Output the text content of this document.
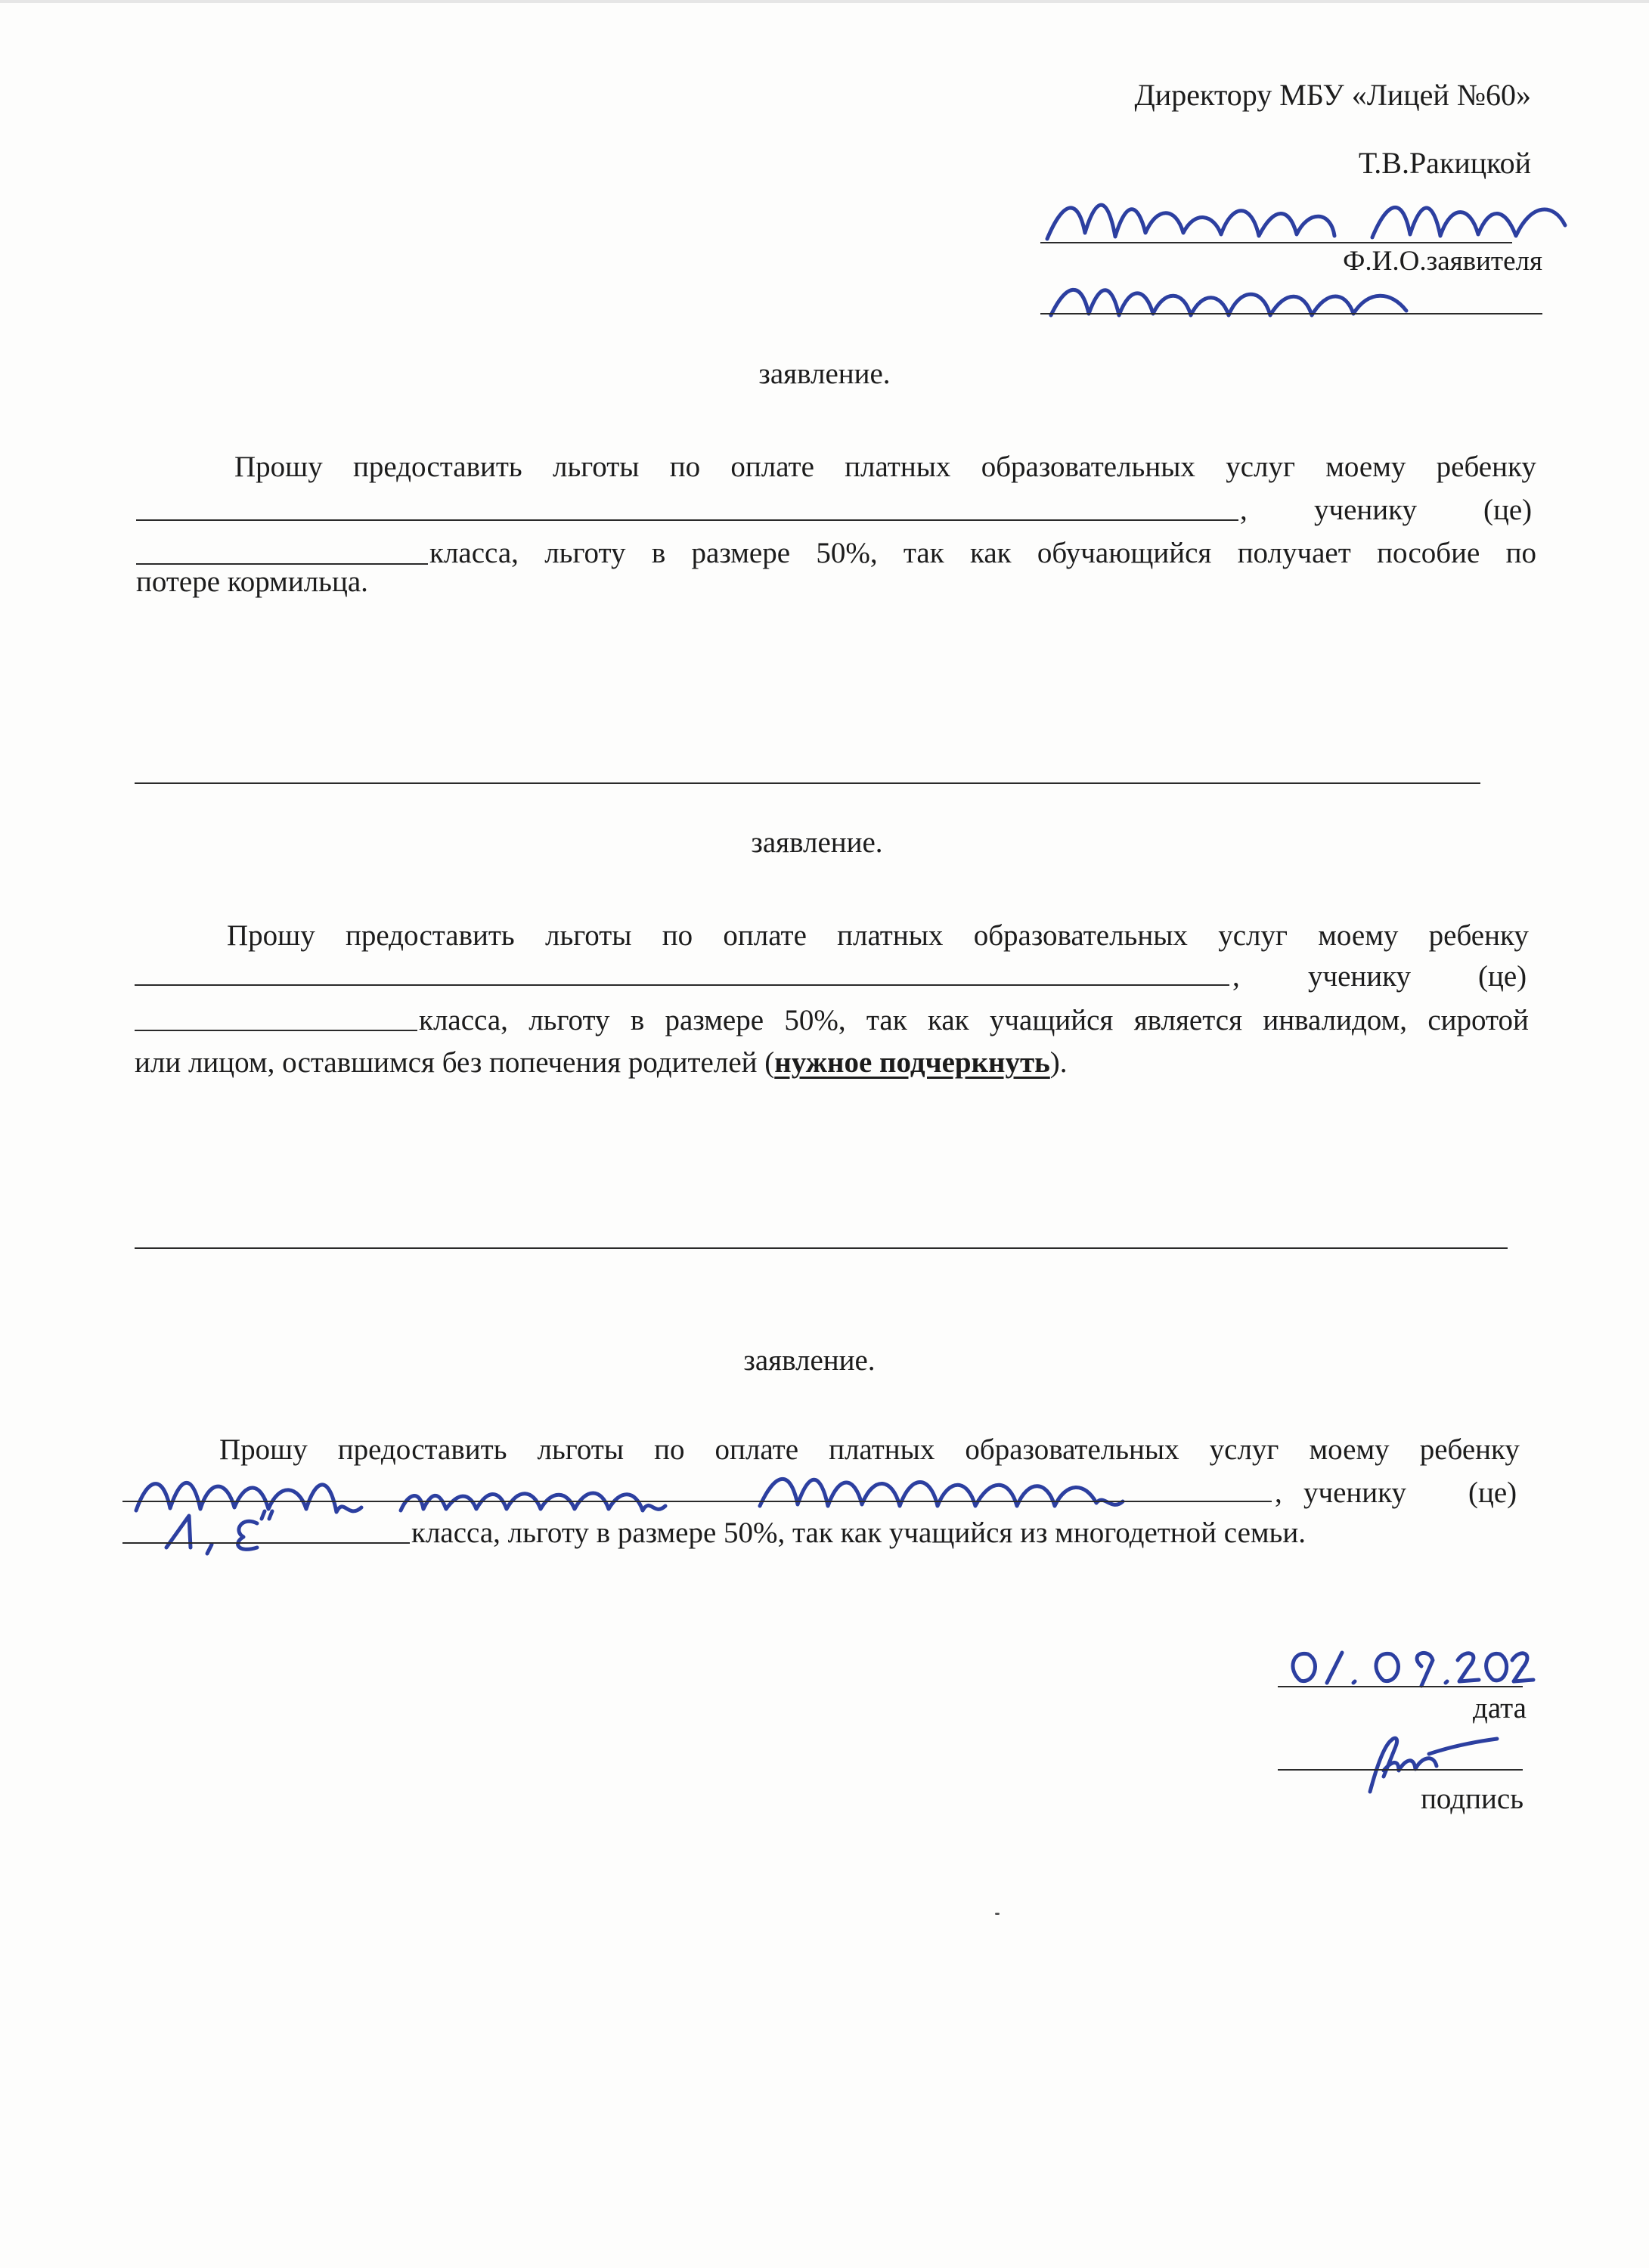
Директору МБУ «Лицей №60»
Т.В.Ракицкой
Ф.И.О.заявителя
заявление.
Прошу предоставить льготы по оплате платных образовательных услуг моему ребенку
, ученику (це)
класса, льготу в размере 50%, так как обучающийся получает пособие по
потере кормильца.
заявление.
Прошу предоставить льготы по оплате платных образовательных услуг моему ребенку
, ученику (це)
класса, льготу в размере 50%, так как учащийся является инвалидом, сиротой
или лицом, оставшимся без попечения родителей (нужное подчеркнуть).
заявление.
Прошу предоставить льготы по оплате платных образовательных услуг моему ребенку
, ученику (це)
класса, льготу в размере 50%, так как учащийся из многодетной семьи.
дата
подпись
